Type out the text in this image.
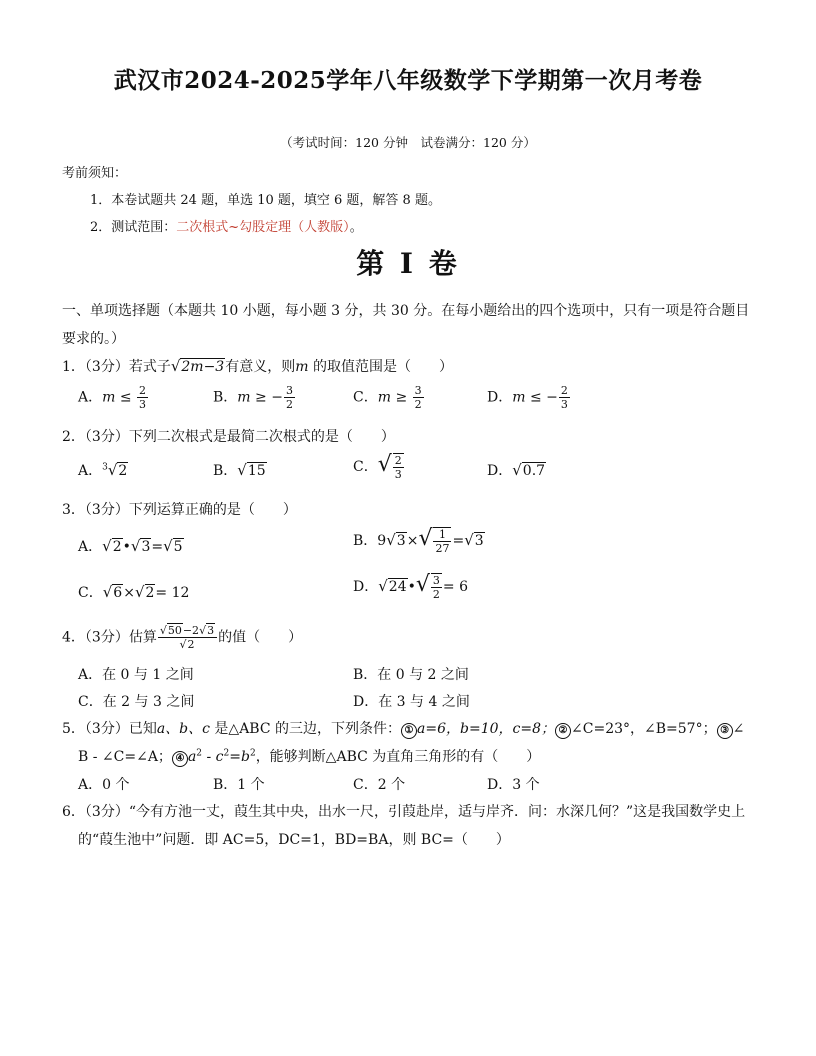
武汉市2024-2025学年八年级数学下学期第一次月考卷
（考试时间：120 分钟　试卷满分：120 分）
考前须知：
1．本卷试题共 24 题，单选 10 题，填空 6 题，解答 8 题。
2．测试范围：二次根式~勾股定理（人教版）。
第 I 卷
一、单项选择题（本题共 10 小题，每小题 3 分，共 30 分。在每小题给出的四个选项中，只有一项是符合题目
要求的。）
1．（3分）若式子√2m−3有意义，则m 的取值范围是（　　）
A．$m \le \frac{2}{3}$	B．m ≥ − $\frac{3}{2}$	C．$m \ge \frac{3}{2}$	D．m ≤ − $\frac{2}{3}$
2．（3分）下列二次根式是最简二次根式的是（　　）
A．$^3$√2	B．√15	C．√ $\frac{2}{3}$	D．√0.7
3．（3分）下列运算正确的是（　　）
A．√2•√3=√5	B．$9√3\times√ \frac{1}{27} =√3$
C．√6×√2= 12	D．√24•√ $\frac{3}{2} = 6$
4．（3分）估算 $\frac{√50-2√3}{√2}$ 的值（　　）
A．在 0 与 1 之间	B．在 0 与 2 之间
C．在 2 与 3 之间	D．在 3 与 4 之间
5．（3分）已知a、b、c 是△ABC 的三边，下列条件： ① a=6，b=10，c=8； ② ∠C=23°，∠B=57°； ③ ∠
B - ∠C=∠A； ④ $a^2 - c^2=b^2$，能够判断△ABC 为直角三角形的有（　　）
A．0 个	B．1 个	C．2 个	D．3 个
6．（3分）“今有方池一丈，葭生其中央，出水一尺，引葭赴岸，适与岸齐．问：水深几何？”这是我国数学史上
的“葭生池中”问题．即 AC=5，DC=1，BD=BA，则 BC=（　　）
